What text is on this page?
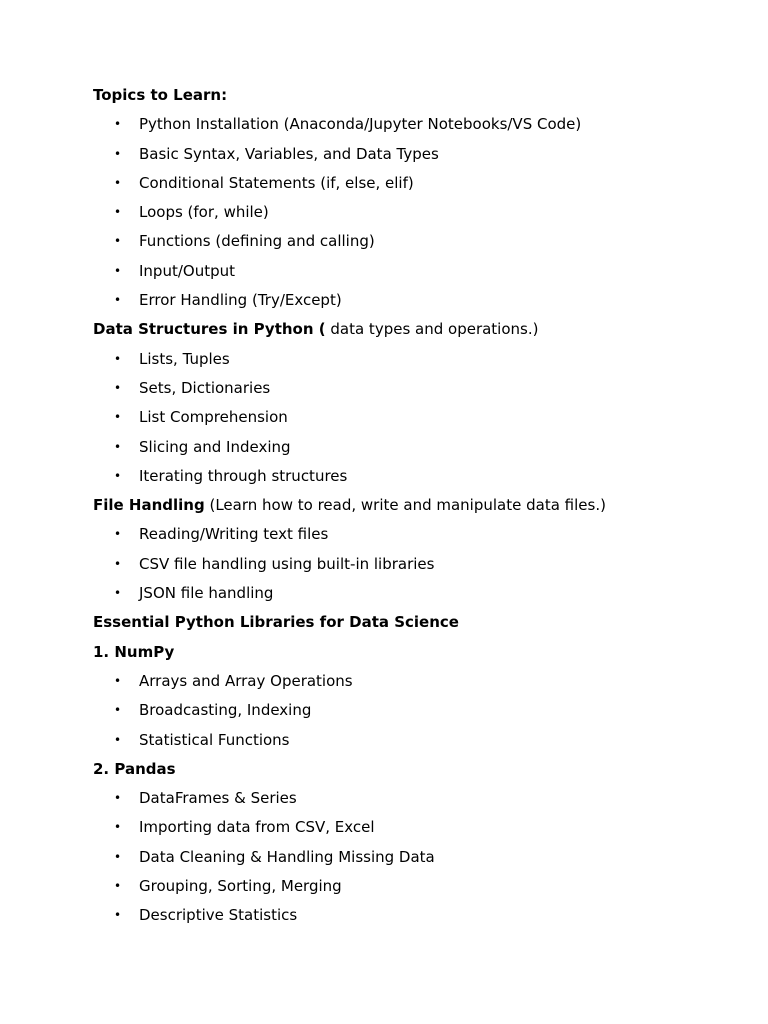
Topics to Learn:
• Python Installation (Anaconda/Jupyter Notebooks/VS Code)
• Basic Syntax, Variables, and Data Types
• Conditional Statements (if, else, elif)
• Loops (for, while)
• Functions (defining and calling)
• Input/Output
• Error Handling (Try/Except)
Data Structures in Python ( data types and operations.)
• Lists, Tuples
• Sets, Dictionaries
• List Comprehension
• Slicing and Indexing
• Iterating through structures
File Handling (Learn how to read, write and manipulate data files.)
• Reading/Writing text files
• CSV file handling using built-in libraries
• JSON file handling
Essential Python Libraries for Data Science
1. NumPy
• Arrays and Array Operations
• Broadcasting, Indexing
• Statistical Functions
2. Pandas
• DataFrames & Series
• Importing data from CSV, Excel
• Data Cleaning & Handling Missing Data
• Grouping, Sorting, Merging
• Descriptive Statistics
